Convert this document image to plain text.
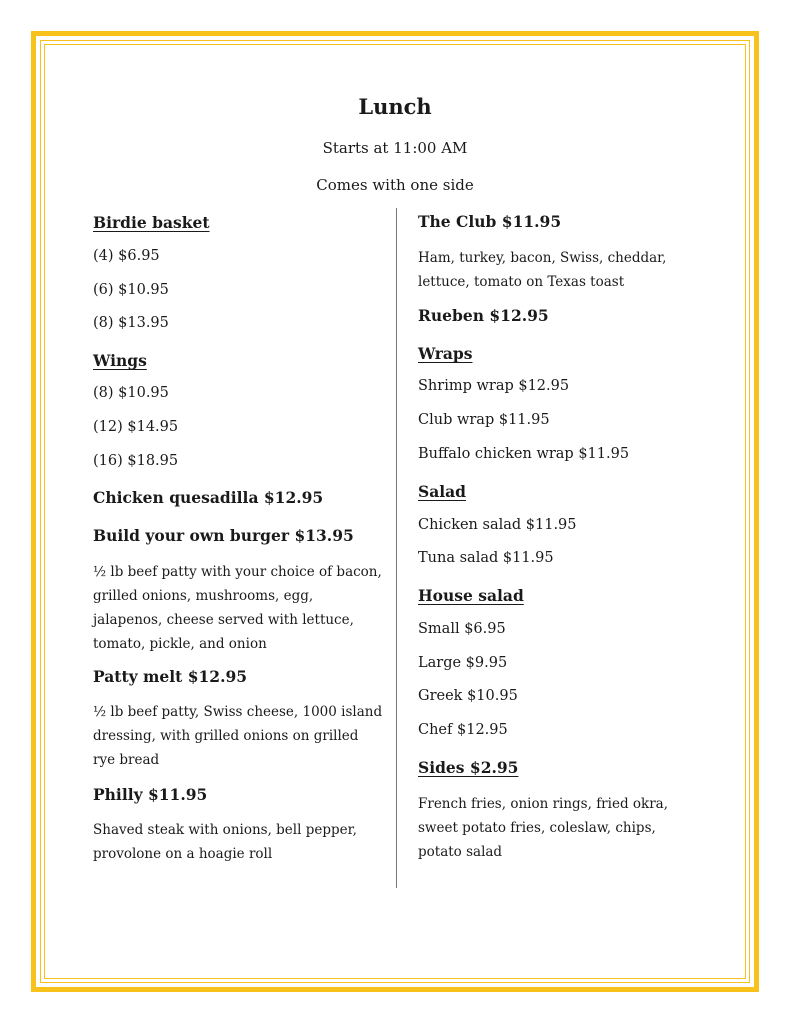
Lunch
Starts at 11:00 AM
Comes with one side
Birdie basket
(4) $6.95
(6) $10.95
(8) $13.95
Wings
(8) $10.95
(12) $14.95
(16) $18.95
Chicken quesadilla $12.95
Build your own burger $13.95
½ lb beef patty with your choice of bacon, grilled onions, mushrooms, egg, jalapenos, cheese served with lettuce, tomato, pickle, and onion
Patty melt $12.95
½ lb beef patty, Swiss cheese, 1000 island dressing, with grilled onions on grilled rye bread
Philly $11.95
Shaved steak with onions, bell pepper, provolone on a hoagie roll
The Club $11.95
Ham, turkey, bacon, Swiss, cheddar, lettuce, tomato on Texas toast
Rueben $12.95
Wraps
Shrimp wrap $12.95
Club wrap $11.95
Buffalo chicken wrap $11.95
Salad
Chicken salad $11.95
Tuna salad $11.95
House salad
Small $6.95
Large $9.95
Greek $10.95
Chef $12.95
Sides $2.95
French fries, onion rings, fried okra, sweet potato fries, coleslaw, chips, potato salad
